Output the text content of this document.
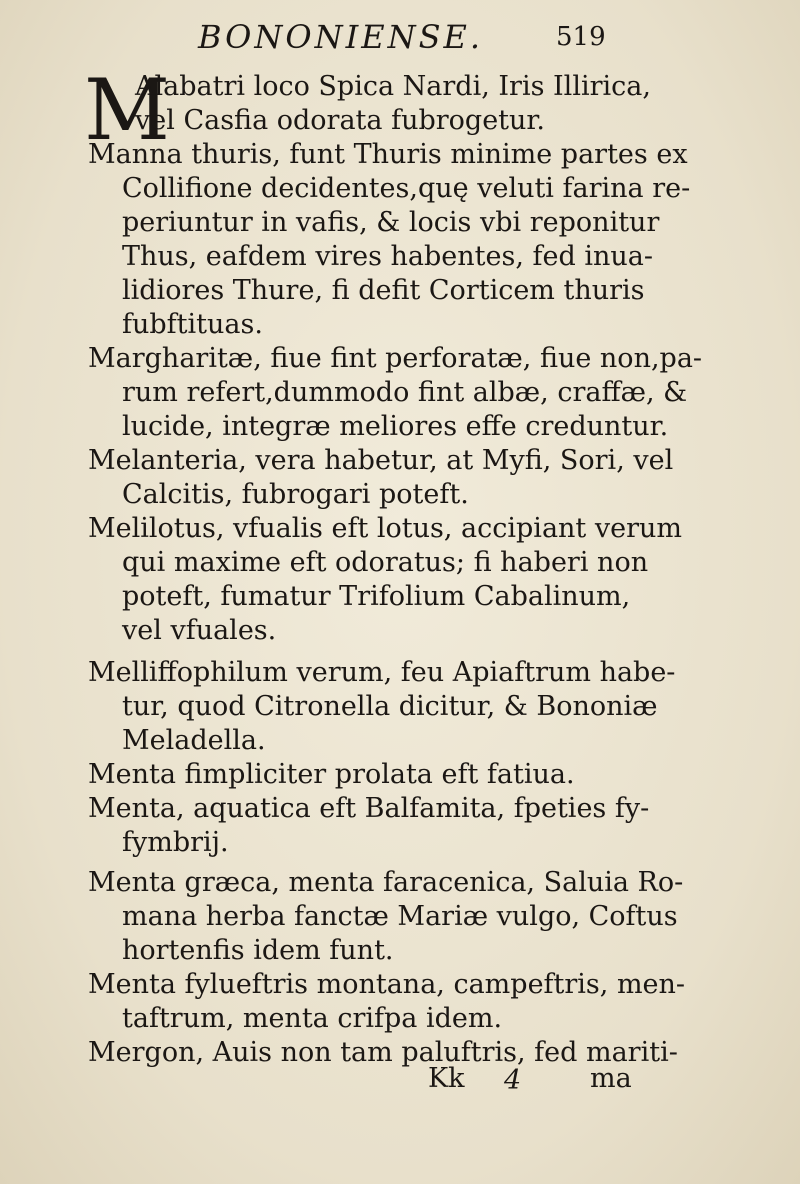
BONONIENSE.	519
M
Alabatri loco Spica Nardi, Iris Illirica,
vel Casfia odorata fubrogetur.
Manna thuris, funt Thuris minime partes ex
Collifione decidentes,quę veluti farina re-
periuntur in vafis, & locis vbi reponitur
Thus, eafdem vires habentes, fed inua-
lidiores Thure, fi defit Corticem thuris
fubftituas.
Margharitæ, fiue fint perforatæ, fiue non,pa-
rum refert,dummodo fint albæ, craffæ, &
lucide, integræ meliores effe creduntur.
Melanteria, vera habetur, at Myfi, Sori, vel
Calcitis, fubrogari poteft.
Melilotus, vfualis eft lotus, accipiant verum
qui maxime eft odoratus; fi haberi non
poteft, fumatur Trifolium Cabalinum,
vel vfuales.
Melliffophilum verum, feu Apiaftrum habe-
tur, quod Citronella dicitur, & Bononiæ
Meladella.
Menta fimpliciter prolata eft fatiua.
Menta, aquatica eft Balfamita, fpeties fy-
fymbrij.
Menta græca, menta faracenica, Saluia Ro-
mana herba fanctæ Mariæ vulgo, Coftus
hortenfis idem funt.
Menta fylueftris montana, campeftris, men-
taftrum, menta crifpa idem.
Mergon, Auis non tam paluftris, fed mariti-
Kk 4	ma
